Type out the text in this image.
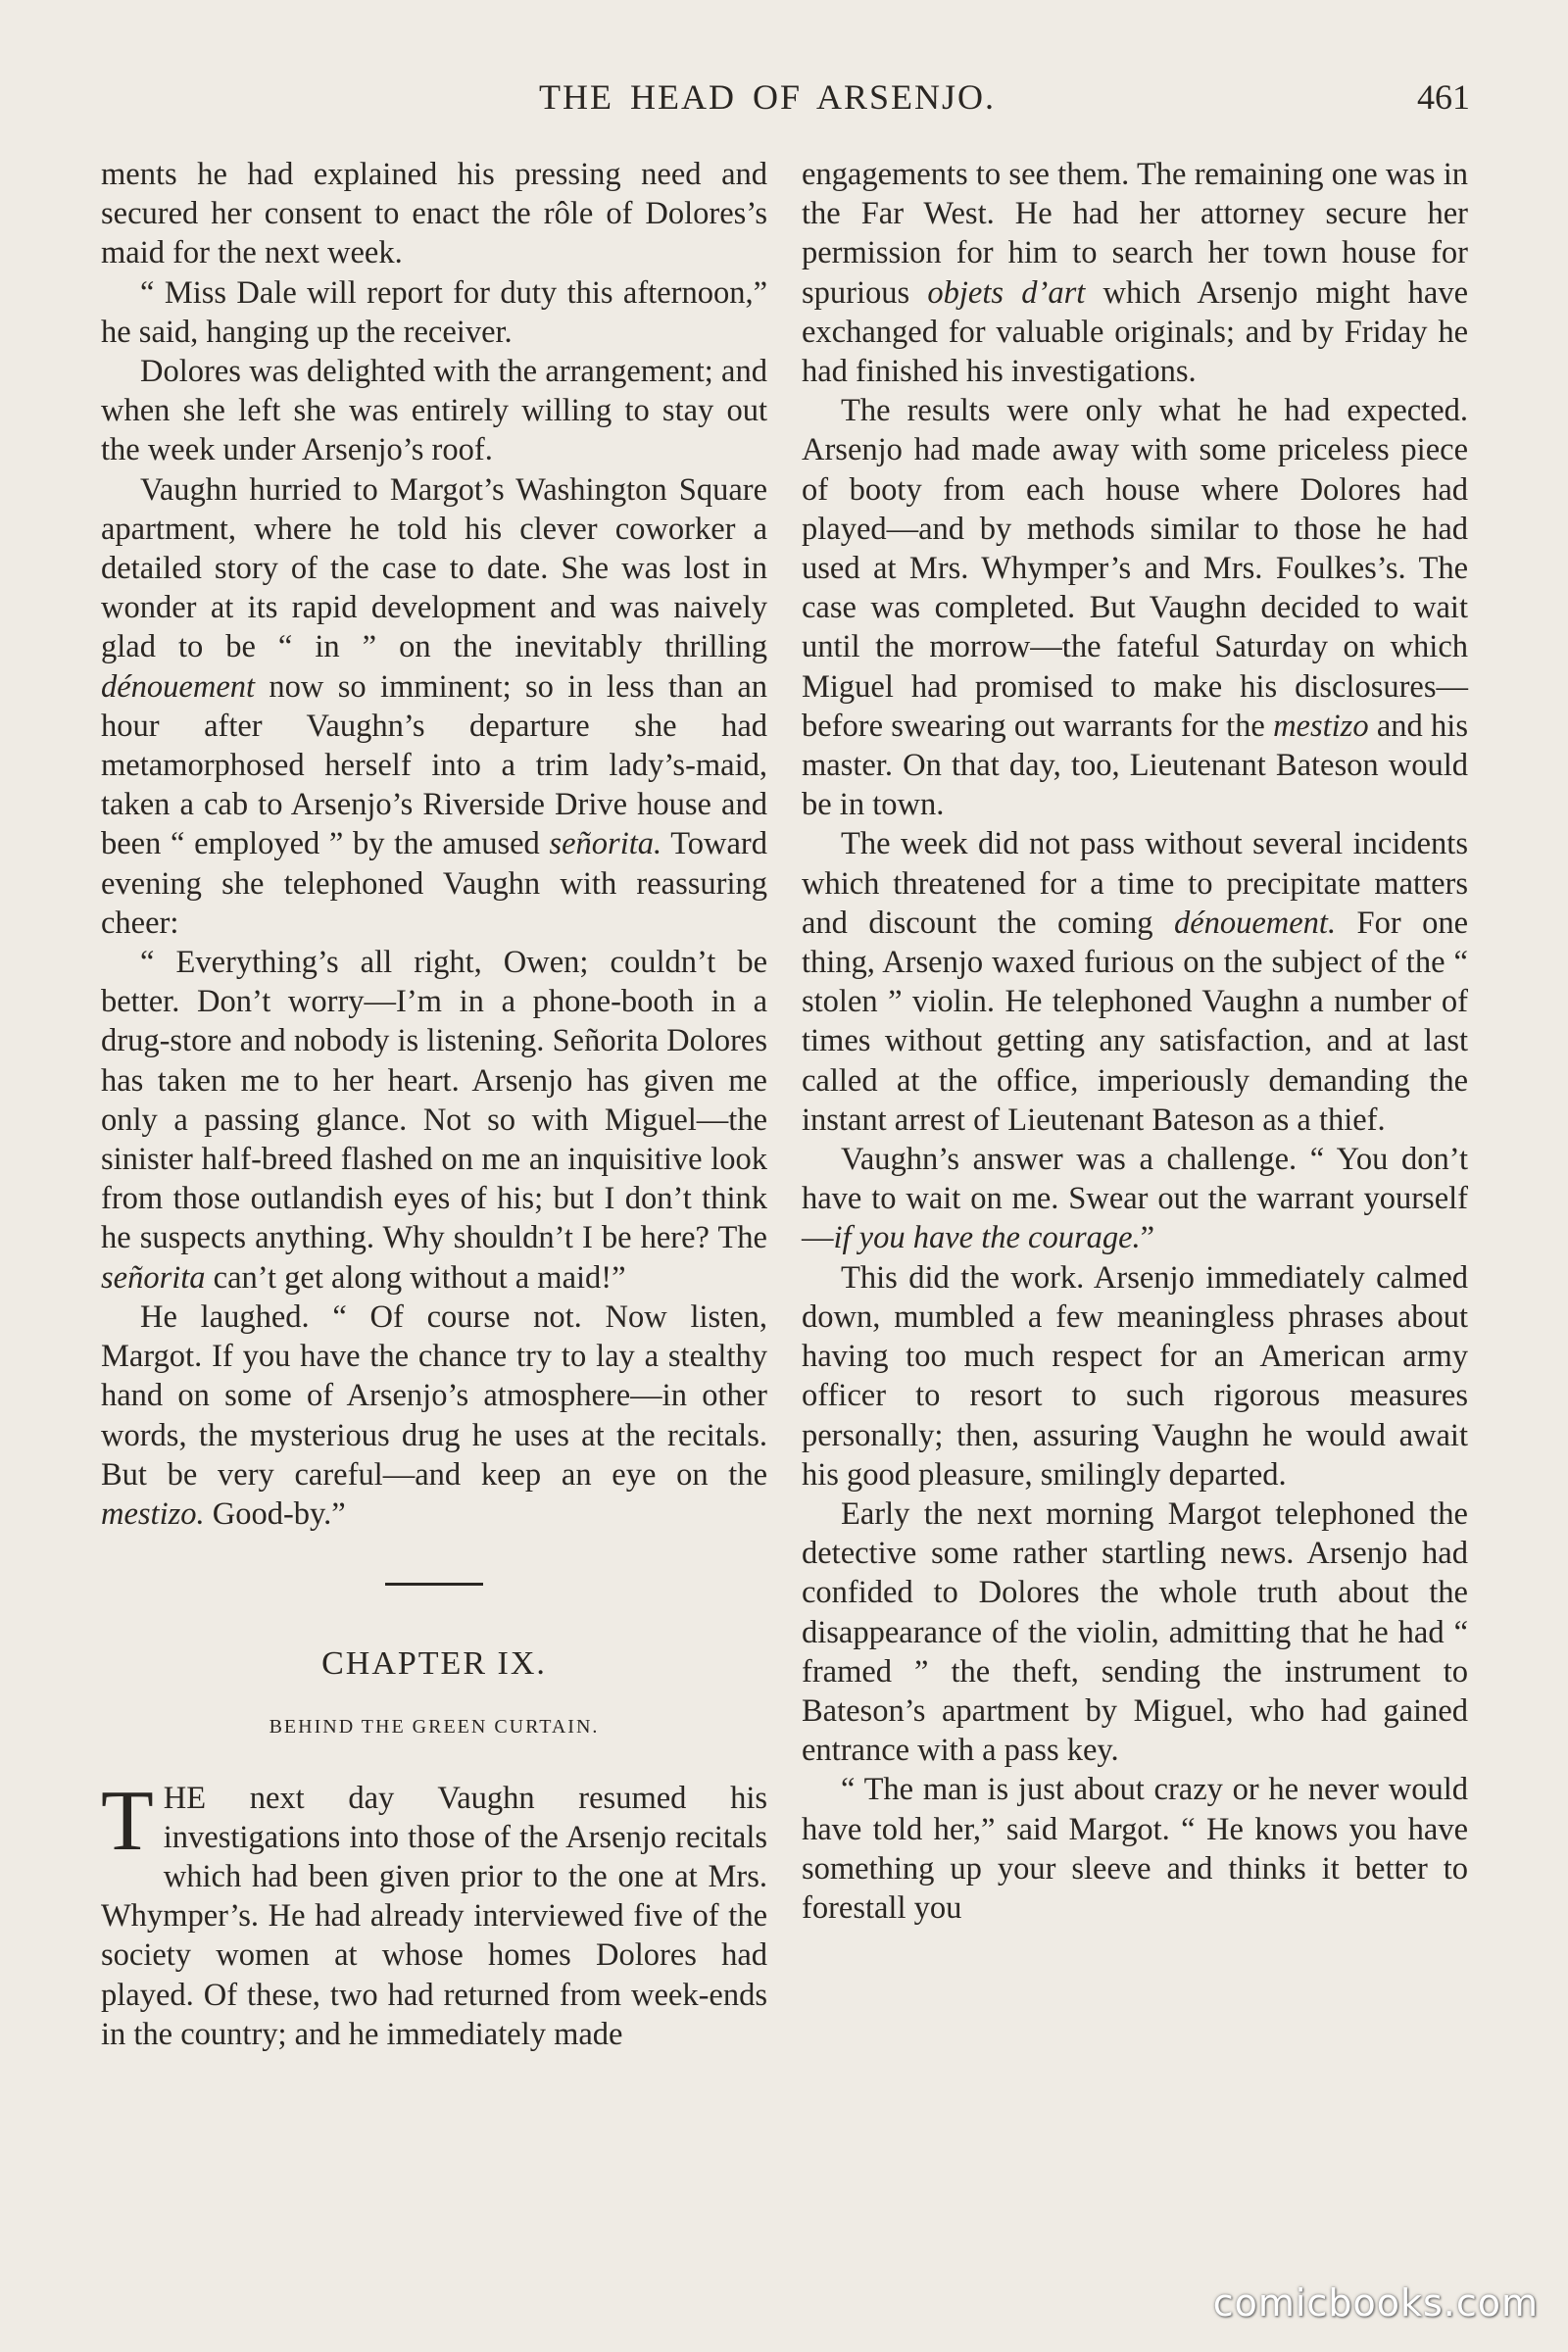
THE HEAD OF ARSENJO.	461

ments he had explained his pressing need and secured her consent to enact the rôle of Dolores’s maid for the next week.

“ Miss Dale will report for duty this afternoon,” he said, hanging up the receiver.

Dolores was delighted with the arrangement; and when she left she was entirely willing to stay out the week under Arsenjo’s roof.

Vaughn hurried to Margot’s Washington Square apartment, where he told his clever coworker a detailed story of the case to date. She was lost in wonder at its rapid development and was naively glad to be “ in ” on the inevitably thrilling dénouement now so imminent; so in less than an hour after Vaughn’s departure she had metamorphosed herself into a trim lady’s-maid, taken a cab to Arsenjo’s Riverside Drive house and been “ employed ” by the amused señorita. Toward evening she telephoned Vaughn with reassuring cheer:

“ Everything’s all right, Owen; couldn’t be better. Don’t worry—I’m in a phone-booth in a drug-store and nobody is listening. Señorita Dolores has taken me to her heart. Arsenjo has given me only a passing glance. Not so with Miguel—the sinister half-breed flashed on me an inquisitive look from those outlandish eyes of his; but I don’t think he suspects anything. Why shouldn’t I be here? The señorita can’t get along without a maid!”

He laughed. “ Of course not. Now listen, Margot. If you have the chance try to lay a stealthy hand on some of Arsenjo’s atmosphere—in other words, the mysterious drug he uses at the recitals. But be very careful—and keep an eye on the mestizo. Good-by.”

CHAPTER IX.
BEHIND THE GREEN CURTAIN.

THE next day Vaughn resumed his investigations into those of the Arsenjo recitals which had been given prior to the one at Mrs. Whymper’s. He had already interviewed five of the society women at whose homes Dolores had played. Of these, two had returned from week-ends in the country; and he immediately made

engagements to see them. The remaining one was in the Far West. He had her attorney secure her permission for him to search her town house for spurious objets d’art which Arsenjo might have exchanged for valuable originals; and by Friday he had finished his investigations.

The results were only what he had expected. Arsenjo had made away with some priceless piece of booty from each house where Dolores had played—and by methods similar to those he had used at Mrs. Whymper’s and Mrs. Foulkes’s. The case was completed. But Vaughn decided to wait until the morrow—the fateful Saturday on which Miguel had promised to make his disclosures—before swearing out warrants for the mestizo and his master. On that day, too, Lieutenant Bateson would be in town.

The week did not pass without several incidents which threatened for a time to precipitate matters and discount the coming dénouement. For one thing, Arsenjo waxed furious on the subject of the “ stolen ” violin. He telephoned Vaughn a number of times without getting any satisfaction, and at last called at the office, imperiously demanding the instant arrest of Lieutenant Bateson as a thief.

Vaughn’s answer was a challenge. “ You don’t have to wait on me. Swear out the warrant yourself—if you have the courage.”

This did the work. Arsenjo immediately calmed down, mumbled a few meaningless phrases about having too much respect for an American army officer to resort to such rigorous measures personally; then, assuring Vaughn he would await his good pleasure, smilingly departed.

Early the next morning Margot telephoned the detective some rather startling news. Arsenjo had confided to Dolores the whole truth about the disappearance of the violin, admitting that he had “ framed ” the theft, sending the instrument to Bateson’s apartment by Miguel, who had gained entrance with a pass key.

“ The man is just about crazy or he never would have told her,” said Margot. “ He knows you have something up your sleeve and thinks it better to forestall you

comicbooks.com
